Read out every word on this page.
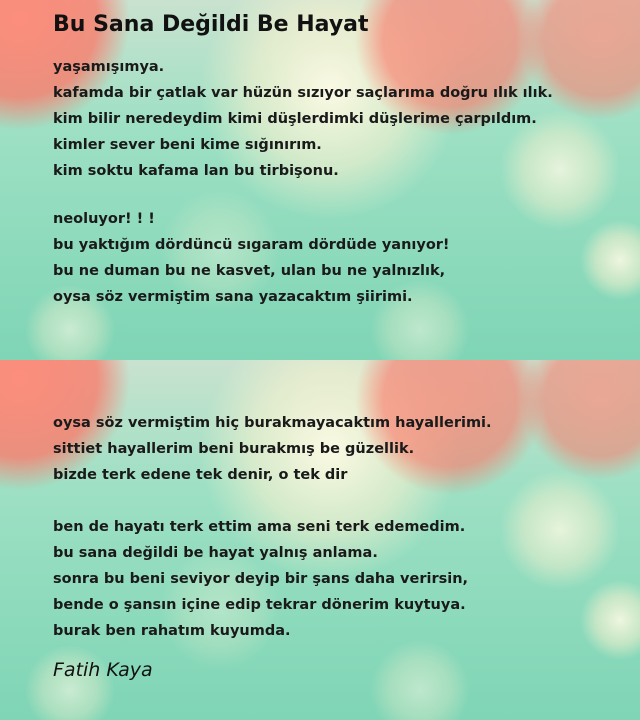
Bu Sana Değildi Be Hayat
yaşamışımya.
kafamda bir çatlak var hüzün sızıyor saçlarıma doğru ılık ılık.
kim bilir neredeydim kimi düşlerdimki düşlerime çarpıldım.
kimler sever beni kime sığınırım.
kim soktu kafama lan bu tirbişonu.
neoluyor! ! !
bu yaktığım dördüncü sıgaram dördüde yanıyor!
bu ne duman bu ne kasvet, ulan bu ne yalnızlık,
oysa söz vermiştim sana yazacaktım şiirimi.
oysa söz vermiştim hiç burakmayacaktım hayallerimi.
sittiet hayallerim beni burakmış be güzellik.
bizde terk edene tek denir, o tek dir
ben de hayatı terk ettim ama seni terk edemedim.
bu sana değildi be hayat yalnış anlama.
sonra bu beni seviyor deyip bir şans daha verirsin,
bende o şansın içine edip tekrar dönerim kuytuya.
burak ben rahatım kuyumda.
Fatih Kaya
